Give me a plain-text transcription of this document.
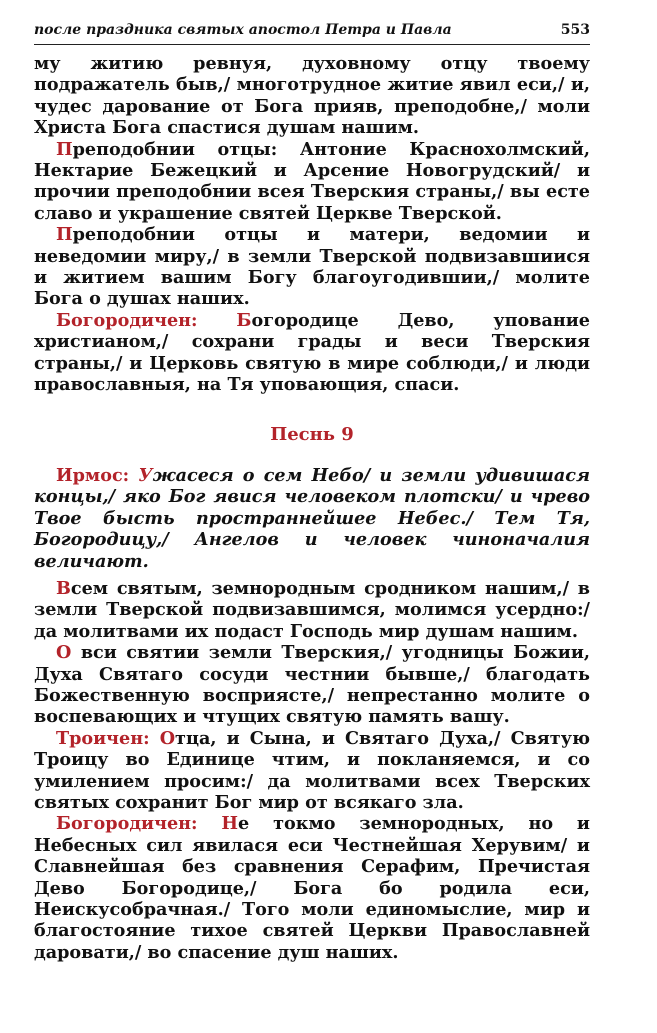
после праздника святых апостол Петра и Павла	553

му житию ревнуя, духовному отцу твоему подражатель быв,/ многотрудное житие явил еси,/ и, чудес дарование от Бога прияв, преподобне,/ моли Христа Бога спастися душам нашим.

Преподобнии отцы: Антоние Краснохолмский, Нектарие Бежецкий и Арсение Новогрудский/ и прочии преподобнии всея Тверския страны,/ вы есте славо и украшение святей Церкве Тверской.

Преподобнии отцы и матери, ведомии и неведомии миру,/ в земли Тверской подвизавшиися и житием вашим Богу благоугодившии,/ молите Бога о душах наших.

Богородичен: Богородице Дево, упование христианом,/ сохрани грады и веси Тверския страны,/ и Церковь святую в мире соблюди,/ и люди православныя, на Тя уповающия, спаси.

Песнь 9

Ирмос: Ужасеся о сем Небо/ и земли удивишася концы,/ яко Бог явися человеком плотски/ и чрево Твое бысть пространнейшее Небес./ Тем Тя, Богородицу,/ Ангелов и человек чиноначалия величают.

Всем святым, земнородным сродником нашим,/ в земли Тверской подвизавшимся, молимся усердно:/ да молитвами их подаст Господь мир душам нашим.

О вси святии земли Тверския,/ угодницы Божии, Духа Святаго сосуди честнии бывше,/ благодать Божественную восприясте,/ непрестанно молите о воспевающих и чтущих святую память вашу.

Троичен: Отца, и Сына, и Святаго Духа,/ Святую Троицу во Единице чтим, и покланяемся, и со умилением просим:/ да молитвами всех Тверских святых сохранит Бог мир от всякаго зла.

Богородичен: Не токмо земнородных, но и Небесных сил явилася еси Честнейшая Херувим/ и Славнейшая без сравнения Серафим, Пречистая Дево Богородице,/ Бога бо родила еси, Неискусобрачная./ Того моли единомыслие, мир и благостояние тихое святей Церкви Православней даровати,/ во спасение душ наших.
